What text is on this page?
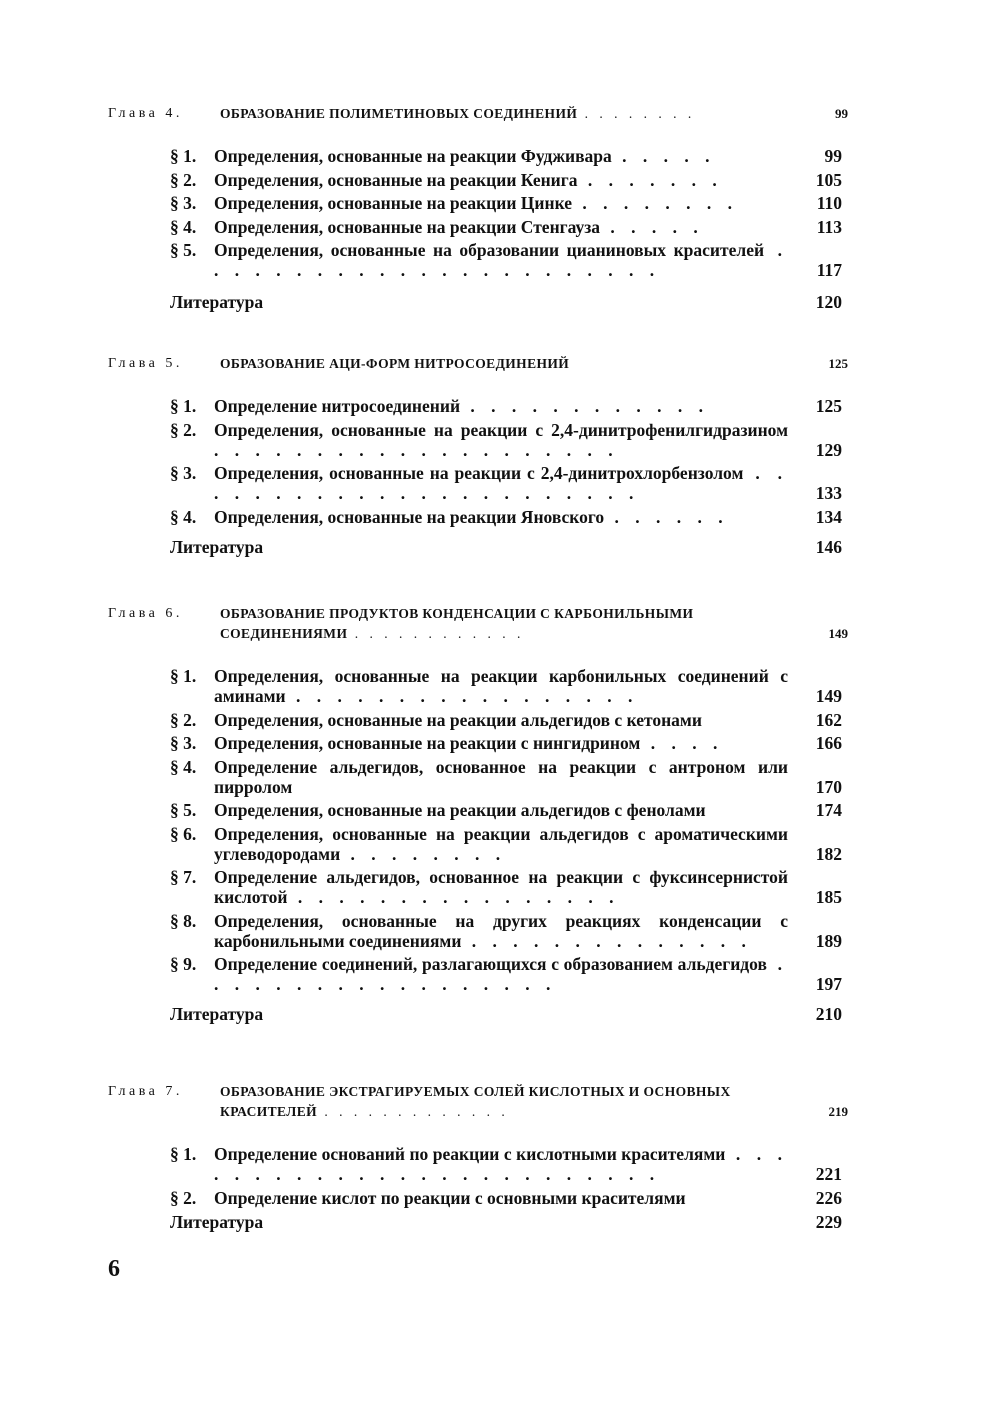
Глава 4.	ОБРАЗОВАНИЕ ПОЛИМЕТИНОВЫХ СОЕДИНЕНИЙ . . . . . . . .	99
§ 1. Определения, основанные на реакции Фудживара . . . . .	99
§ 2. Определения, основанные на реакции Кенига . . . . . . .	105
§ 3. Определения, основанные на реакции Цинке . . . . . . . .	110
§ 4. Определения, основанные на реакции Стенгауза . . . . .	113
§ 5. Определения, основанные на образовании цианиновых красителей . . . . . . . . . . . . . . . . . . . . . . .	117
Литература	120
Глава 5.	ОБРАЗОВАНИЕ АЦИ-ФОРМ НИТРОСОЕДИНЕНИЙ	125
§ 1. Определение нитросоединений . . . . . . . . . . . .	125
§ 2. Определения, основанные на реакции с 2,4-динитрофенилгидразином . . . . . . . . . . . . . . . . . . . .	129
§ 3. Определения, основанные на реакции с 2,4-динитрохлорбензолом . . . . . . . . . . . . . . . . . . . . . . .	133
§ 4. Определения, основанные на реакции Яновского . . . . . .	134
Литература	146
Глава 6.	ОБРАЗОВАНИЕ ПРОДУКТОВ КОНДЕНСАЦИИ С КАРБОНИЛЬНЫМИ СОЕДИНЕНИЯМИ . . . . . . . . . . . .	149
§ 1. Определения, основанные на реакции карбонильных соединений с аминами . . . . . . . . . . . . . . . . .	149
§ 2. Определения, основанные на реакции альдегидов с кетонами	162
§ 3. Определения, основанные на реакции с нингидрином . . . .	166
§ 4. Определение альдегидов, основанное на реакции с антроном или пирролом	170
§ 5. Определения, основанные на реакции альдегидов с фенолами	174
§ 6. Определения, основанные на реакции альдегидов с ароматическими углеводородами . . . . . . . .	182
§ 7. Определение альдегидов, основанное на реакции с фуксинсернистой кислотой . . . . . . . . . . . . . . . .	185
§ 8. Определения, основанные на других реакциях конденсации с карбонильными соединениями . . . . . . . . . . . . . .	189
§ 9. Определение соединений, разлагающихся с образованием альдегидов . . . . . . . . . . . . . . . . . .	197
Литература	210
Глава 7.	ОБРАЗОВАНИЕ ЭКСТРАГИРУЕМЫХ СОЛЕЙ КИСЛОТНЫХ И ОСНОВНЫХ КРАСИТЕЛЕЙ . . . . . . . . . . . . .	219
§ 1. Определение оснований по реакции с кислотными красителями . . . . . . . . . . . . . . . . . . . . . . . . .	221
§ 2. Определение кислот по реакции с основными красителями	226
Литература	229
6
